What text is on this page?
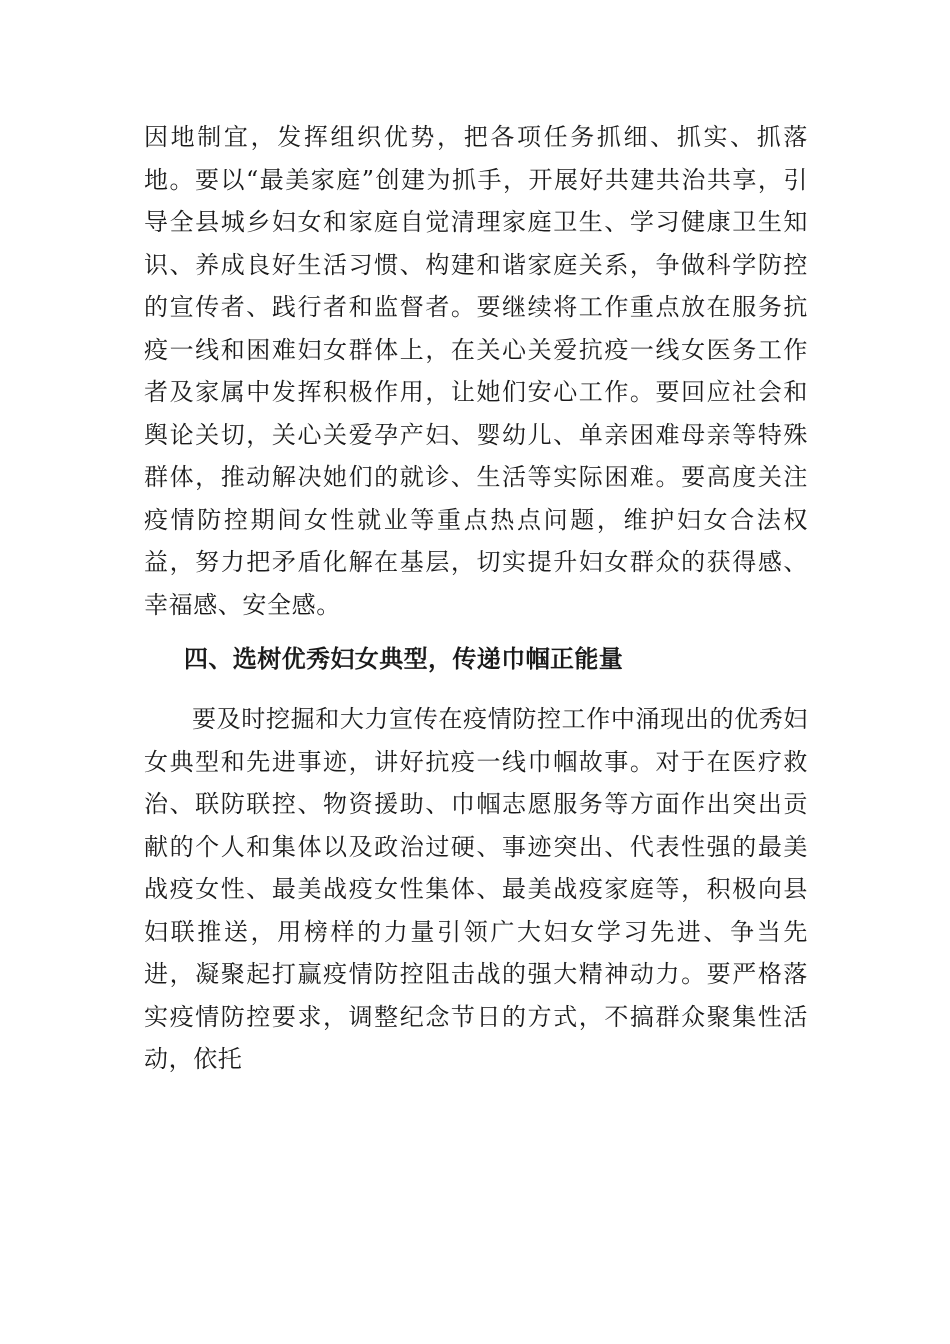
因地制宜，发挥组织优势，把各项任务抓细、抓实、抓落地。要以“最美家庭”创建为抓手，开展好共建共治共享，引导全县城乡妇女和家庭自觉清理家庭卫生、学习健康卫生知识、养成良好生活习惯、构建和谐家庭关系，争做科学防控的宣传者、践行者和监督者。要继续将工作重点放在服务抗疫一线和困难妇女群体上，在关心关爱抗疫一线女医务工作者及家属中发挥积极作用，让她们安心工作。要回应社会和舆论关切，关心关爱孕产妇、婴幼儿、单亲困难母亲等特殊群体，推动解决她们的就诊、生活等实际困难。要高度关注疫情防控期间女性就业等重点热点问题，维护妇女合法权益，努力把矛盾化解在基层，切实提升妇女群众的获得感、幸福感、安全感。

四、选树优秀妇女典型，传递巾帼正能量

要及时挖掘和大力宣传在疫情防控工作中涌现出的优秀妇女典型和先进事迹，讲好抗疫一线巾帼故事。对于在医疗救治、联防联控、物资援助、巾帼志愿服务等方面作出突出贡献的个人和集体以及政治过硬、事迹突出、代表性强的最美战疫女性、最美战疫女性集体、最美战疫家庭等，积极向县妇联推送，用榜样的力量引领广大妇女学习先进、争当先进，凝聚起打赢疫情防控阻击战的强大精神动力。要严格落实疫情防控要求，调整纪念节日的方式，不搞群众聚集性活动，依托
